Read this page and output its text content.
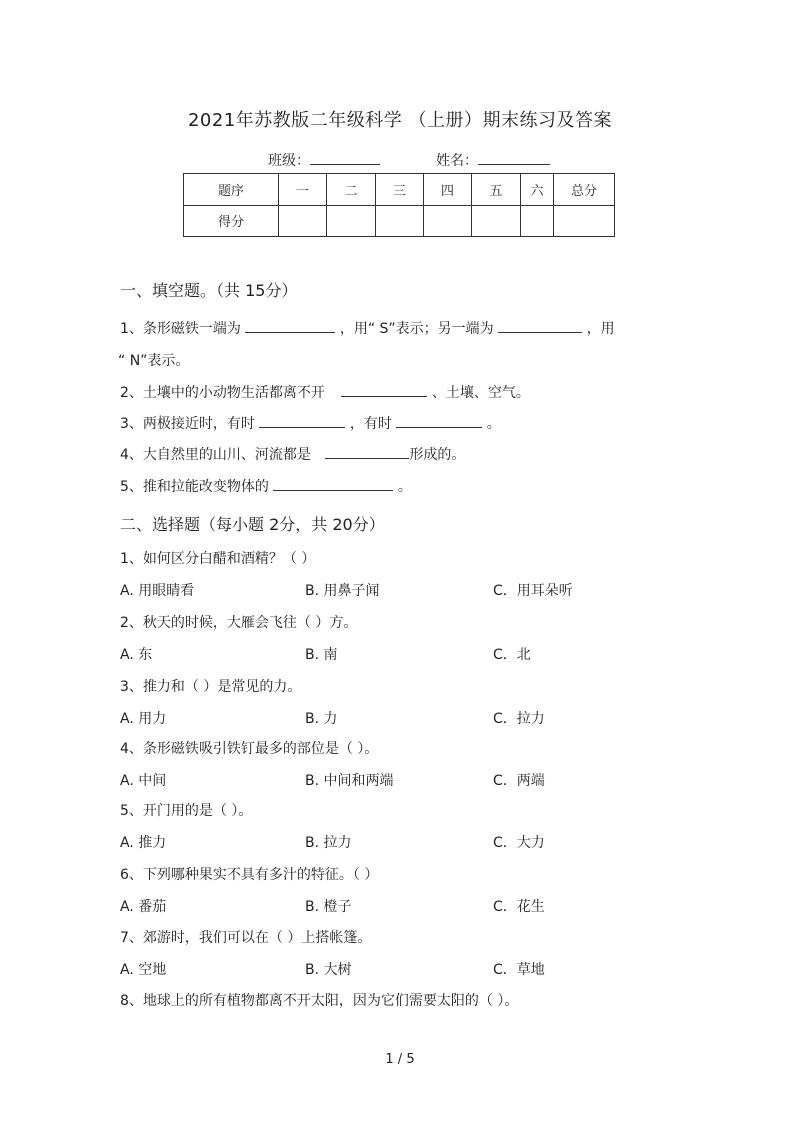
2021年苏教版二年级科学 （上册）期末练习及答案
班级：	姓名：
题序	一	二	三	四	五	六	总分
得分							
一、填空题。（共 15分）
1、条形磁铁一端为	，用“ S”表示；另一端为	，用
“ N”表示。
2、土壤中的小动物生活都离不开	、土壤、空气。
3、两极接近时，有时	，有时	。
4、大自然里的山川、河流都是	形成的。
5、推和拉能改变物体的	。
二、选择题（每小题 2分，共 20分）
1、如何区分白醋和酒精？（ ）
A. 用眼睛看	B. 用鼻子闻	C．用耳朵听
2、秋天的时候，大雁会飞往（ ）方。
A. 东	B. 南	C．北
3、推力和（ ）是常见的力。
A. 用力	B. 力	C．拉力
4、条形磁铁吸引铁钉最多的部位是（ ）。
A. 中间	B. 中间和两端	C．两端
5、开门用的是（ ）。
A. 推力	B. 拉力	C．大力
6、下列哪种果实不具有多汁的特征。（ ）
A. 番茄	B. 橙子	C．花生
7、郊游时，我们可以在（ ）上搭帐篷。
A. 空地	B. 大树	C．草地
8、地球上的所有植物都离不开太阳，因为它们需要太阳的（ ）。
1 / 5
